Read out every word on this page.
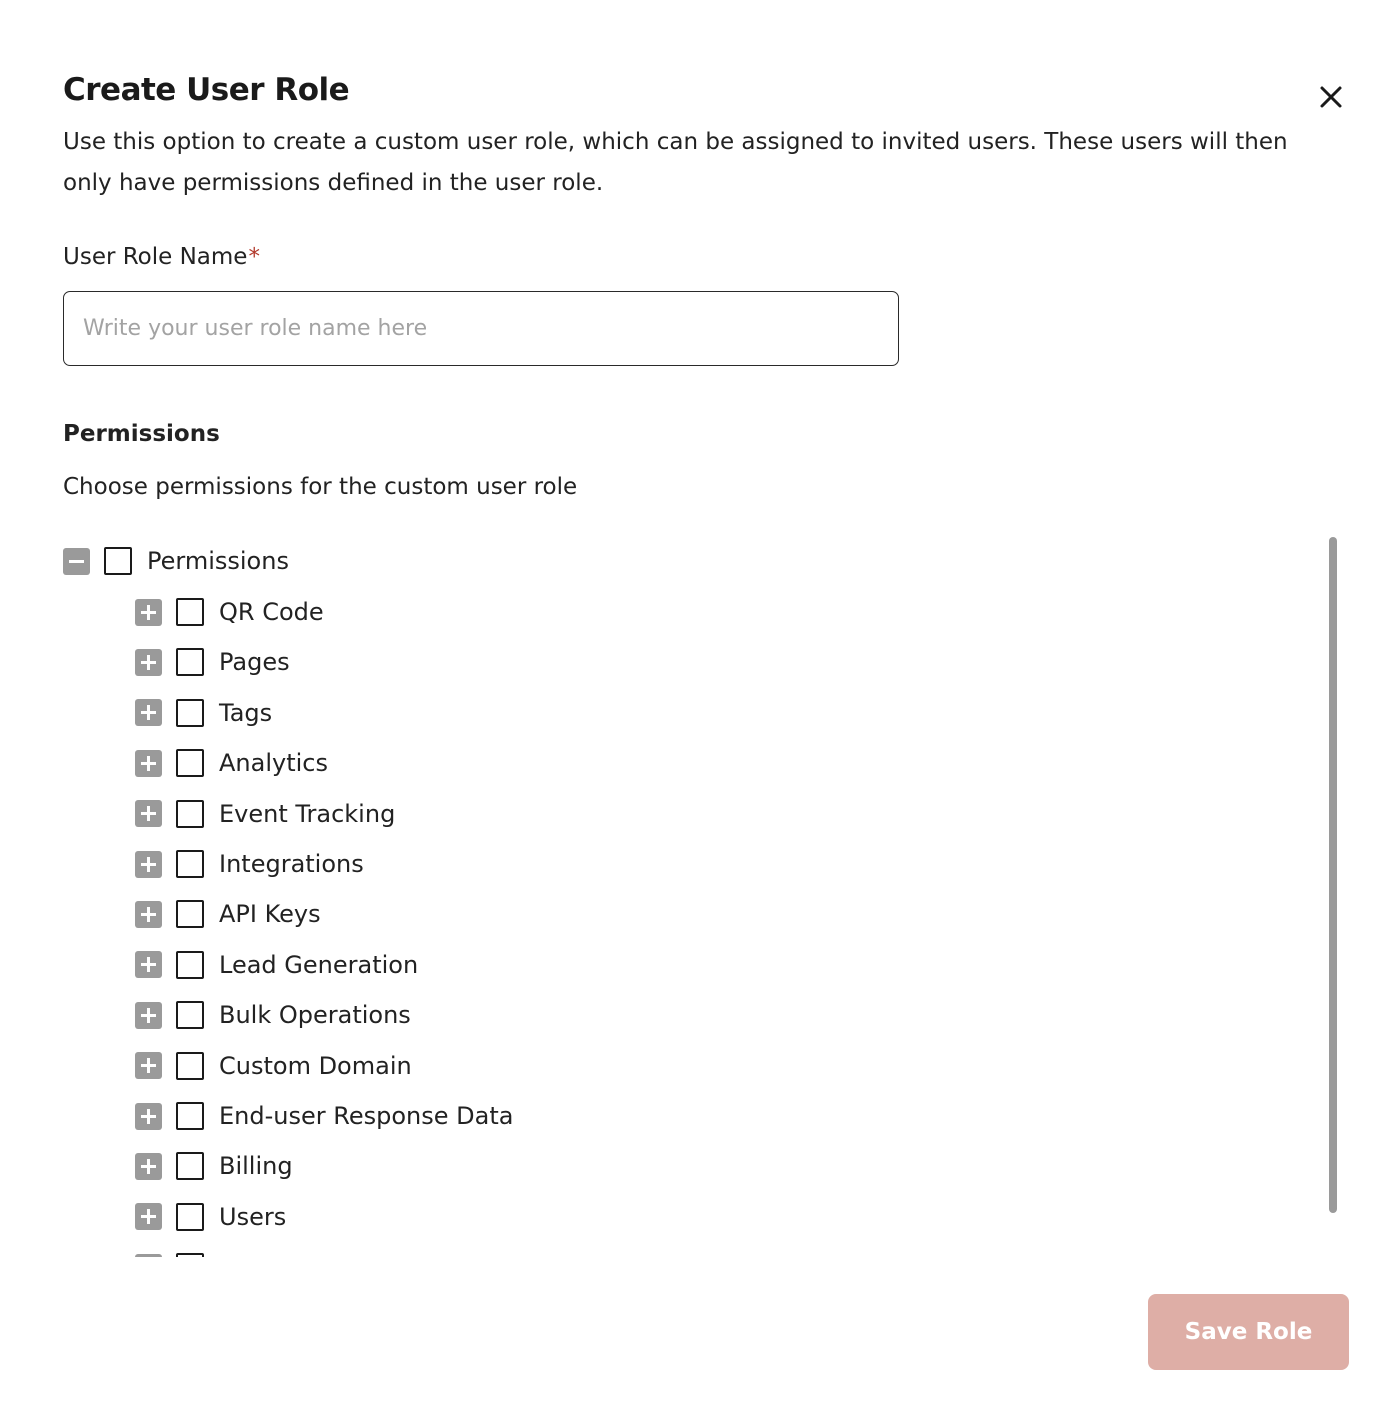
Create User Role

Use this option to create a custom user role, which can be assigned to invited users. These users will then only have permissions defined in the user role.

User Role Name*
Write your user role name here
Permissions
Choose permissions for the custom user role
Permissions
QR Code
Pages
Tags
Analytics
Event Tracking
Integrations
API Keys
Lead Generation
Bulk Operations
Custom Domain
End-user Response Data
Billing
Users
Save Role
